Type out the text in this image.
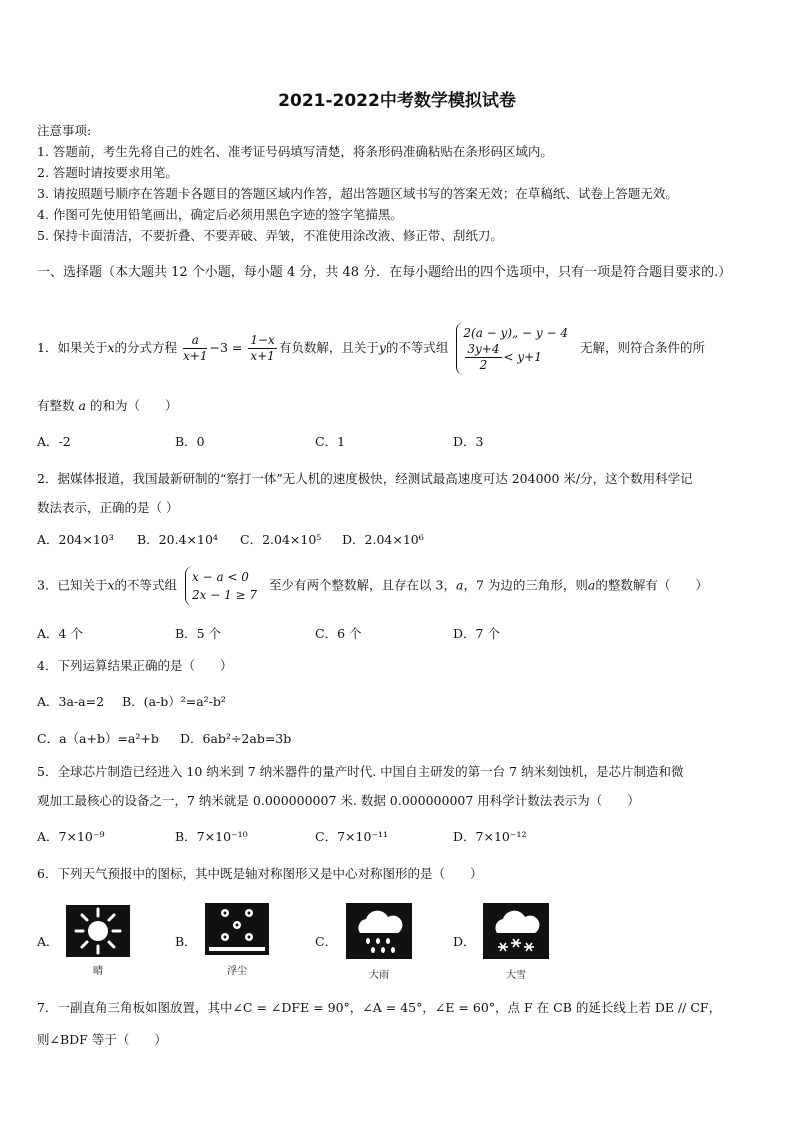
2021-2022中考数学模拟试卷
注意事项:
1. 答题前，考生先将自己的姓名、准考证号码填写清楚，将条形码准确粘贴在条形码区域内。
2. 答题时请按要求用笔。
3. 请按照题号顺序在答题卡各题目的答题区域内作答，超出答题区域书写的答案无效；在草稿纸、试卷上答题无效。
4. 作图可先使用铅笔画出，确定后必须用黑色字迹的签字笔描黑。
5. 保持卡面清洁，不要折叠、不要弄破、弄皱，不准使用涂改液、修正带、刮纸刀。
一、选择题（本大题共 12 个小题，每小题 4 分，共 48 分．在每小题给出的四个选项中，只有一项是符合题目要求的.）
1．如果关于x的分式方程 $\frac{a}{x+1} -3 = \frac{1-x}{x+1}$ 有负数解，且关于y的不等式组
2(a − y)„ − y − 4
$\frac{3y+4}{2} < y+1$
无解，则符合条件的所
有整数 a 的和为（　　）
A．-2	B．0	C．1	D．3
2．据媒体报道，我国最新研制的“察打一体”无人机的速度极快，经测试最高速度可达 204000 米/分，这个数用科学记
数法表示，正确的是（ ）
A．204×10³ B．20.4×10⁴ C．2.04×10⁵ D．2.04×10⁶
3．已知关于x的不等式组
x − a < 0
2x − 1 ≥ 7
至少有两个整数解，且存在以 3，a，7 为边的三角形，则a的整数解有（　　）
A．4 个	B．5 个	C．6 个	D．7 个
4．下列运算结果正确的是（　　）
A．3a-a=2 B．(a-b）²=a²-b²
C．a（a+b）=a²+b D．6ab²÷2ab=3b
5．全球芯片制造已经进入 10 纳米到 7 纳米器件的量产时代. 中国自主研发的第一台 7 纳米刻蚀机，是芯片制造和微
观加工最核心的设备之一，7 纳米就是 0.000000007 米. 数据 0.000000007 用科学计数法表示为（　　）
A．7×10⁻⁹	B．7×10⁻¹⁰	C．7×10⁻¹¹	D．7×10⁻¹²
6．下列天气预报中的图标，其中既是轴对称图形又是中心对称图形的是（　　）
A．
晴
B．
浮尘
C．
大雨
D．
大雪
7．一副直角三角板如图放置，其中∠C = ∠DFE = 90°，∠A = 45°，∠E = 60°，点 F 在 CB 的延长线上若 DE // CF，
则∠BDF 等于（　　）
